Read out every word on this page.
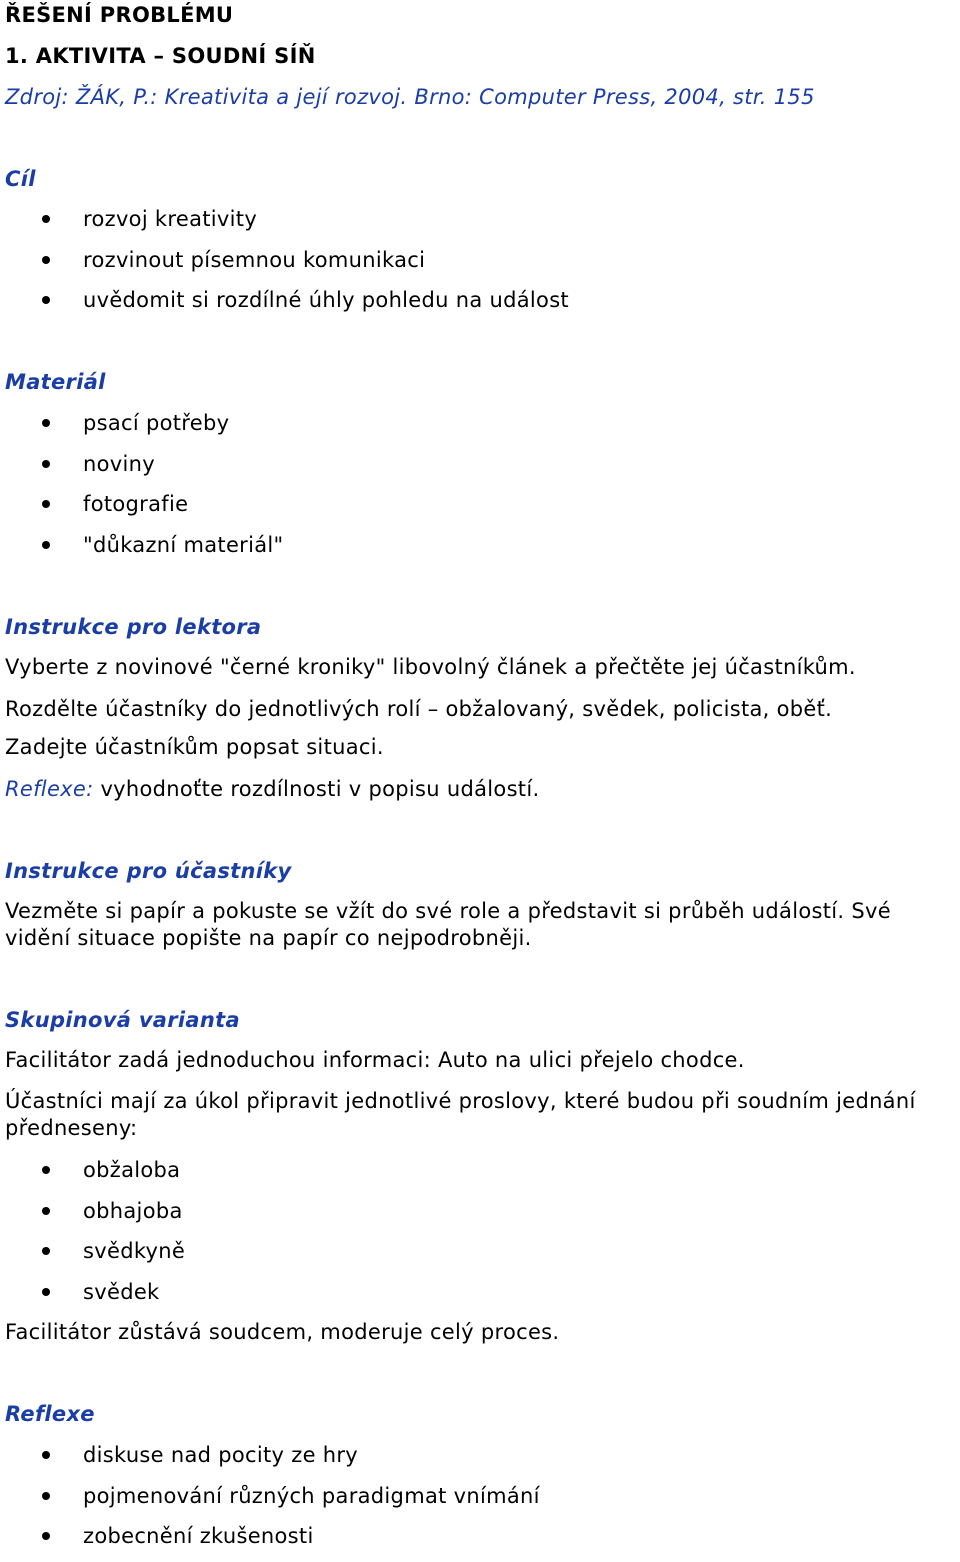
ŘEŠENÍ PROBLÉMU
1. AKTIVITA – SOUDNÍ SÍŇ
Zdroj: ŽÁK, P.: Kreativita a její rozvoj. Brno: Computer Press, 2004, str. 155
Cíl
rozvoj kreativity
rozvinout písemnou komunikaci
uvědomit si rozdílné úhly pohledu na událost
Materiál
psací potřeby
noviny
fotografie
"důkazní materiál"
Instrukce pro lektora
Vyberte z novinové "černé kroniky" libovolný článek a přečtěte jej účastníkům.
Rozdělte účastníky do jednotlivých rolí – obžalovaný, svědek, policista, oběť.
Zadejte účastníkům popsat situaci.
Reflexe: vyhodnoťte rozdílnosti v popisu událostí.
Instrukce pro účastníky
Vezměte si papír a pokuste se vžít do své role a představit si průběh událostí. Své vidění situace popište na papír co nejpodrobněji.
Skupinová varianta
Facilitátor zadá jednoduchou informaci: Auto na ulici přejelo chodce.
Účastníci mají za úkol připravit jednotlivé proslovy, které budou při soudním jednání předneseny:
obžaloba
obhajoba
svědkyně
svědek
Facilitátor zůstává soudcem, moderuje celý proces.
Reflexe
diskuse nad pocity ze hry
pojmenování různých paradigmat vnímání
zobecnění zkušenosti
